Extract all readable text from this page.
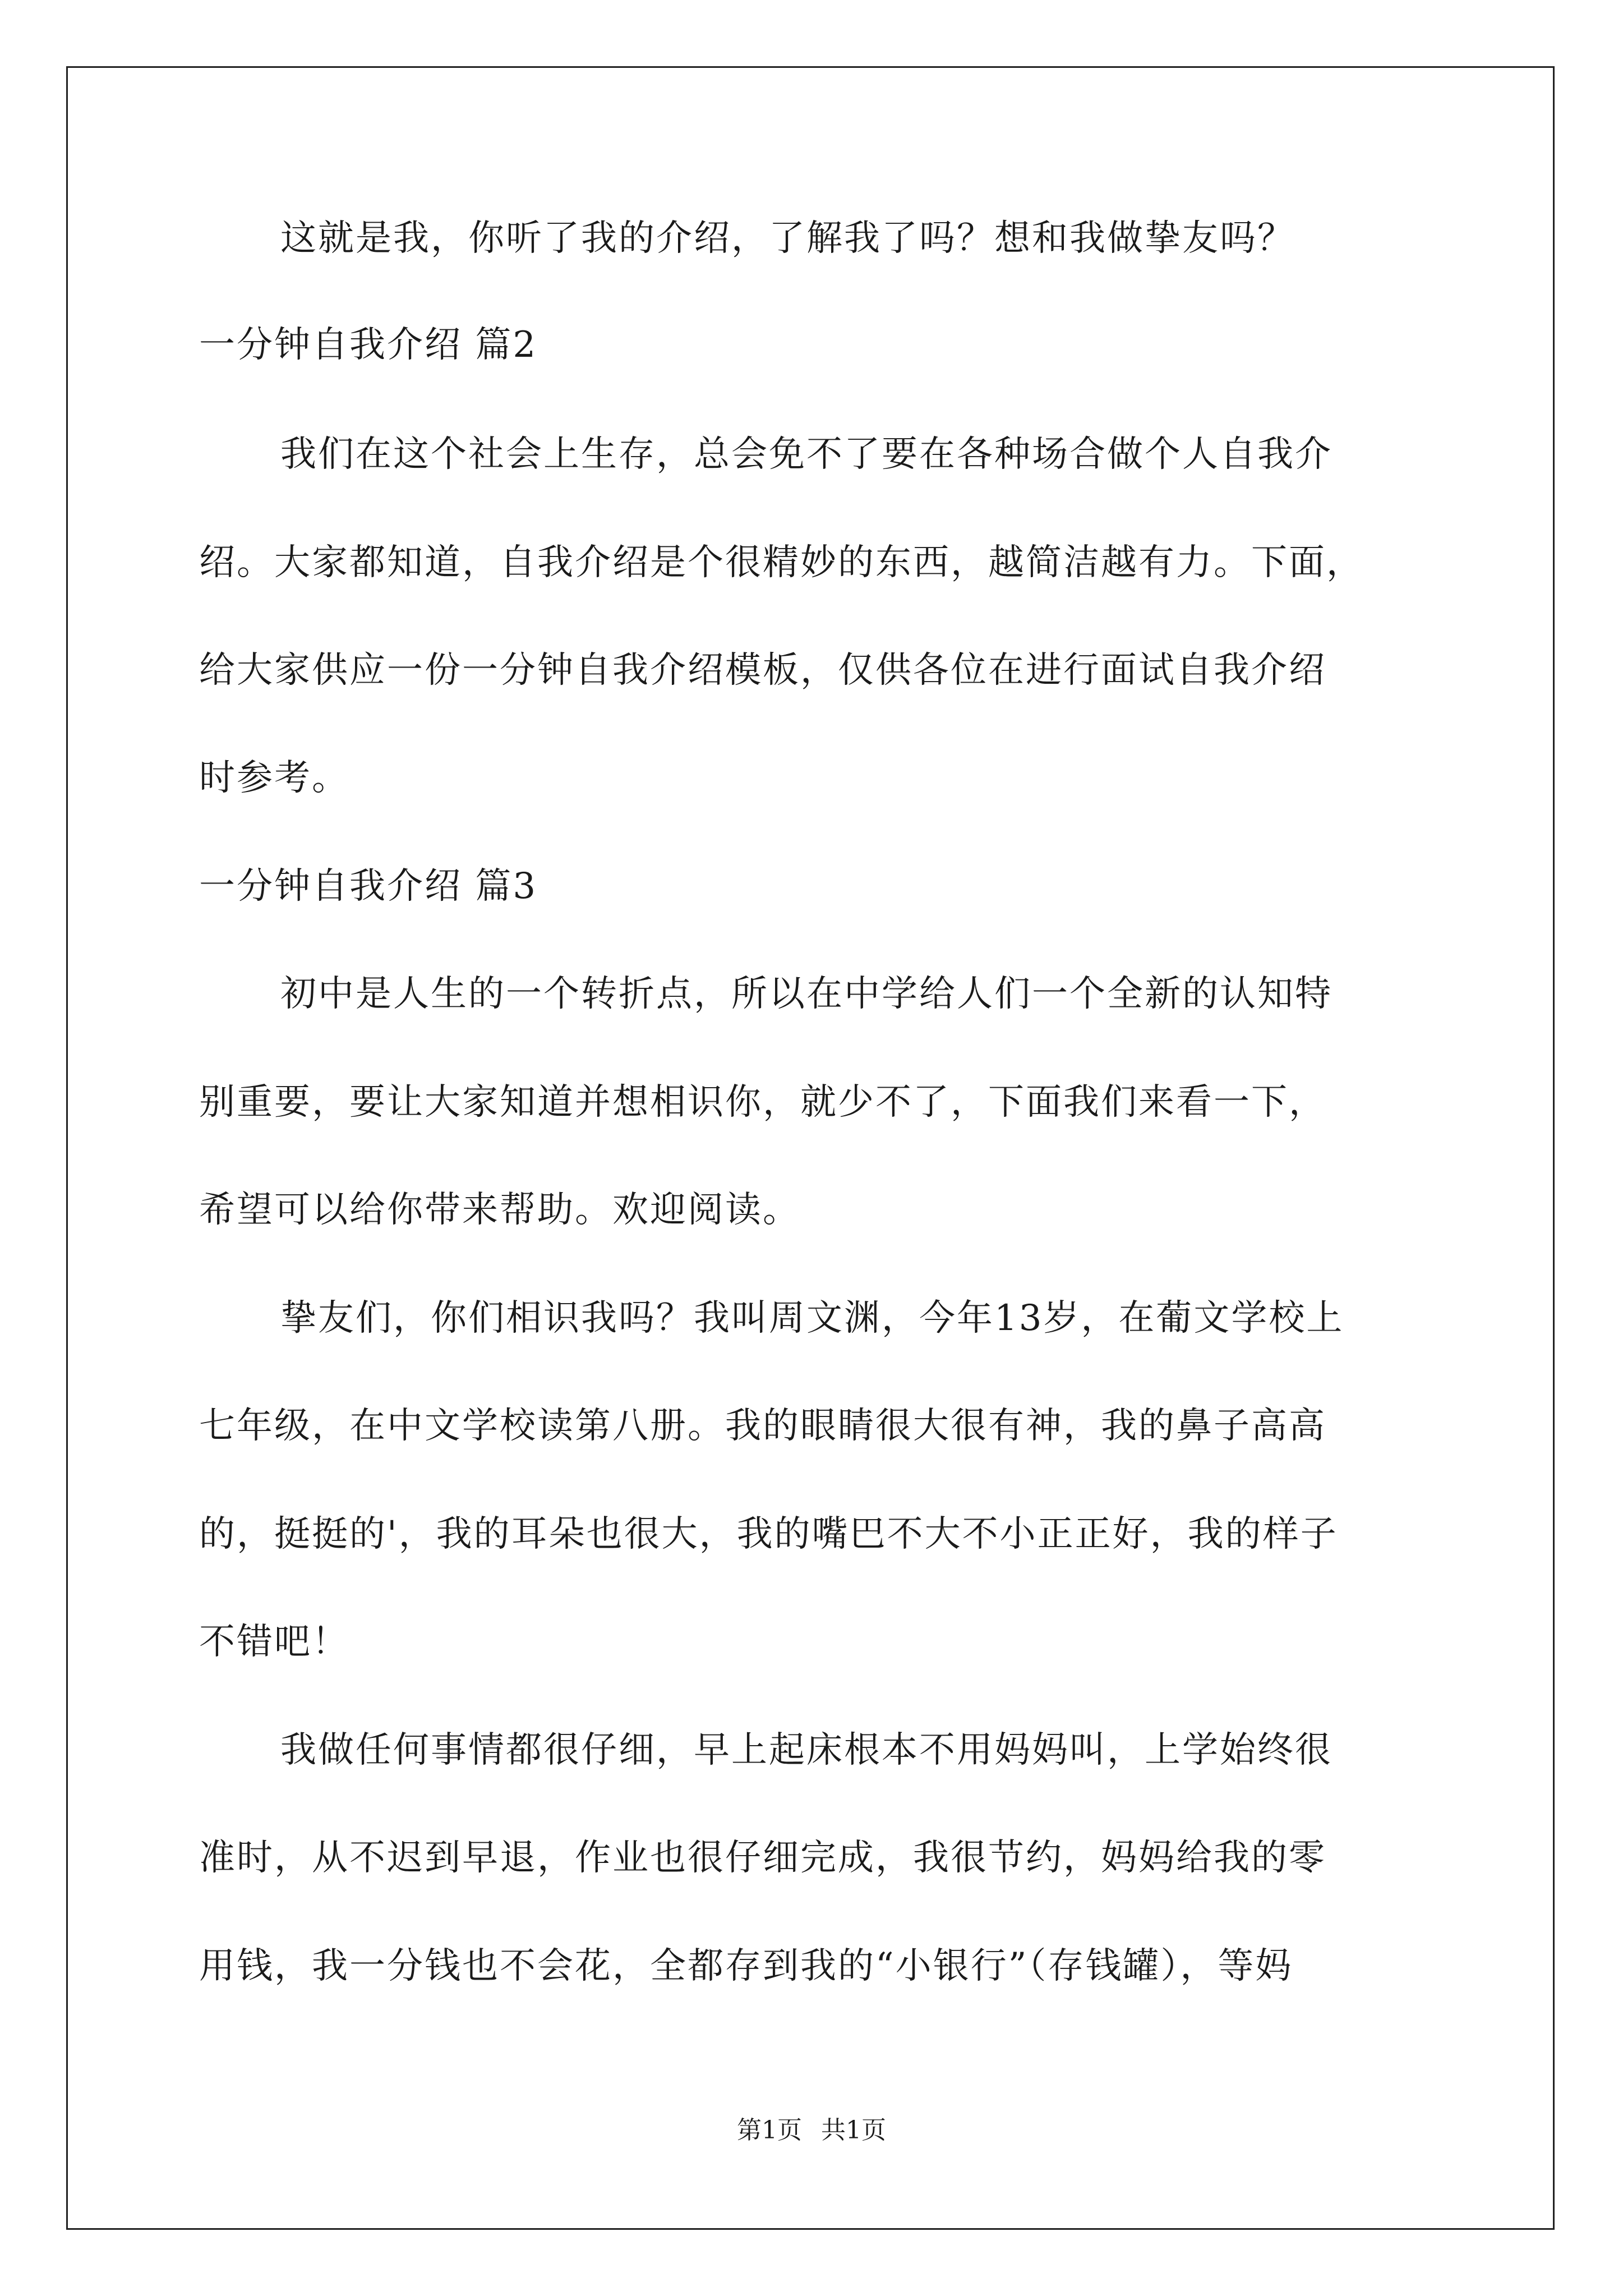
这就是我，你听了我的介绍，了解我了吗？想和我做挚友吗？
一分钟自我介绍 篇2
我们在这个社会上生存，总会免不了要在各种场合做个人自我介
绍。大家都知道，自我介绍是个很精妙的东西，越简洁越有力。下面，
给大家供应一份一分钟自我介绍模板，仅供各位在进行面试自我介绍
时参考。
一分钟自我介绍 篇3
初中是人生的一个转折点，所以在中学给人们一个全新的认知特
别重要，要让大家知道并想相识你，就少不了，下面我们来看一下，
希望可以给你带来帮助。欢迎阅读。
挚友们，你们相识我吗？我叫周文渊，今年13岁，在葡文学校上
七年级，在中文学校读第八册。我的眼睛很大很有神，我的鼻子高高
的，挺挺的'，我的耳朵也很大，我的嘴巴不大不小正正好，我的样子
不错吧！
我做任何事情都很仔细，早上起床根本不用妈妈叫，上学始终很
准时，从不迟到早退，作业也很仔细完成，我很节约，妈妈给我的零
用钱，我一分钱也不会花，全都存到我的“小银行”（存钱罐），等妈
第1页 共1页
